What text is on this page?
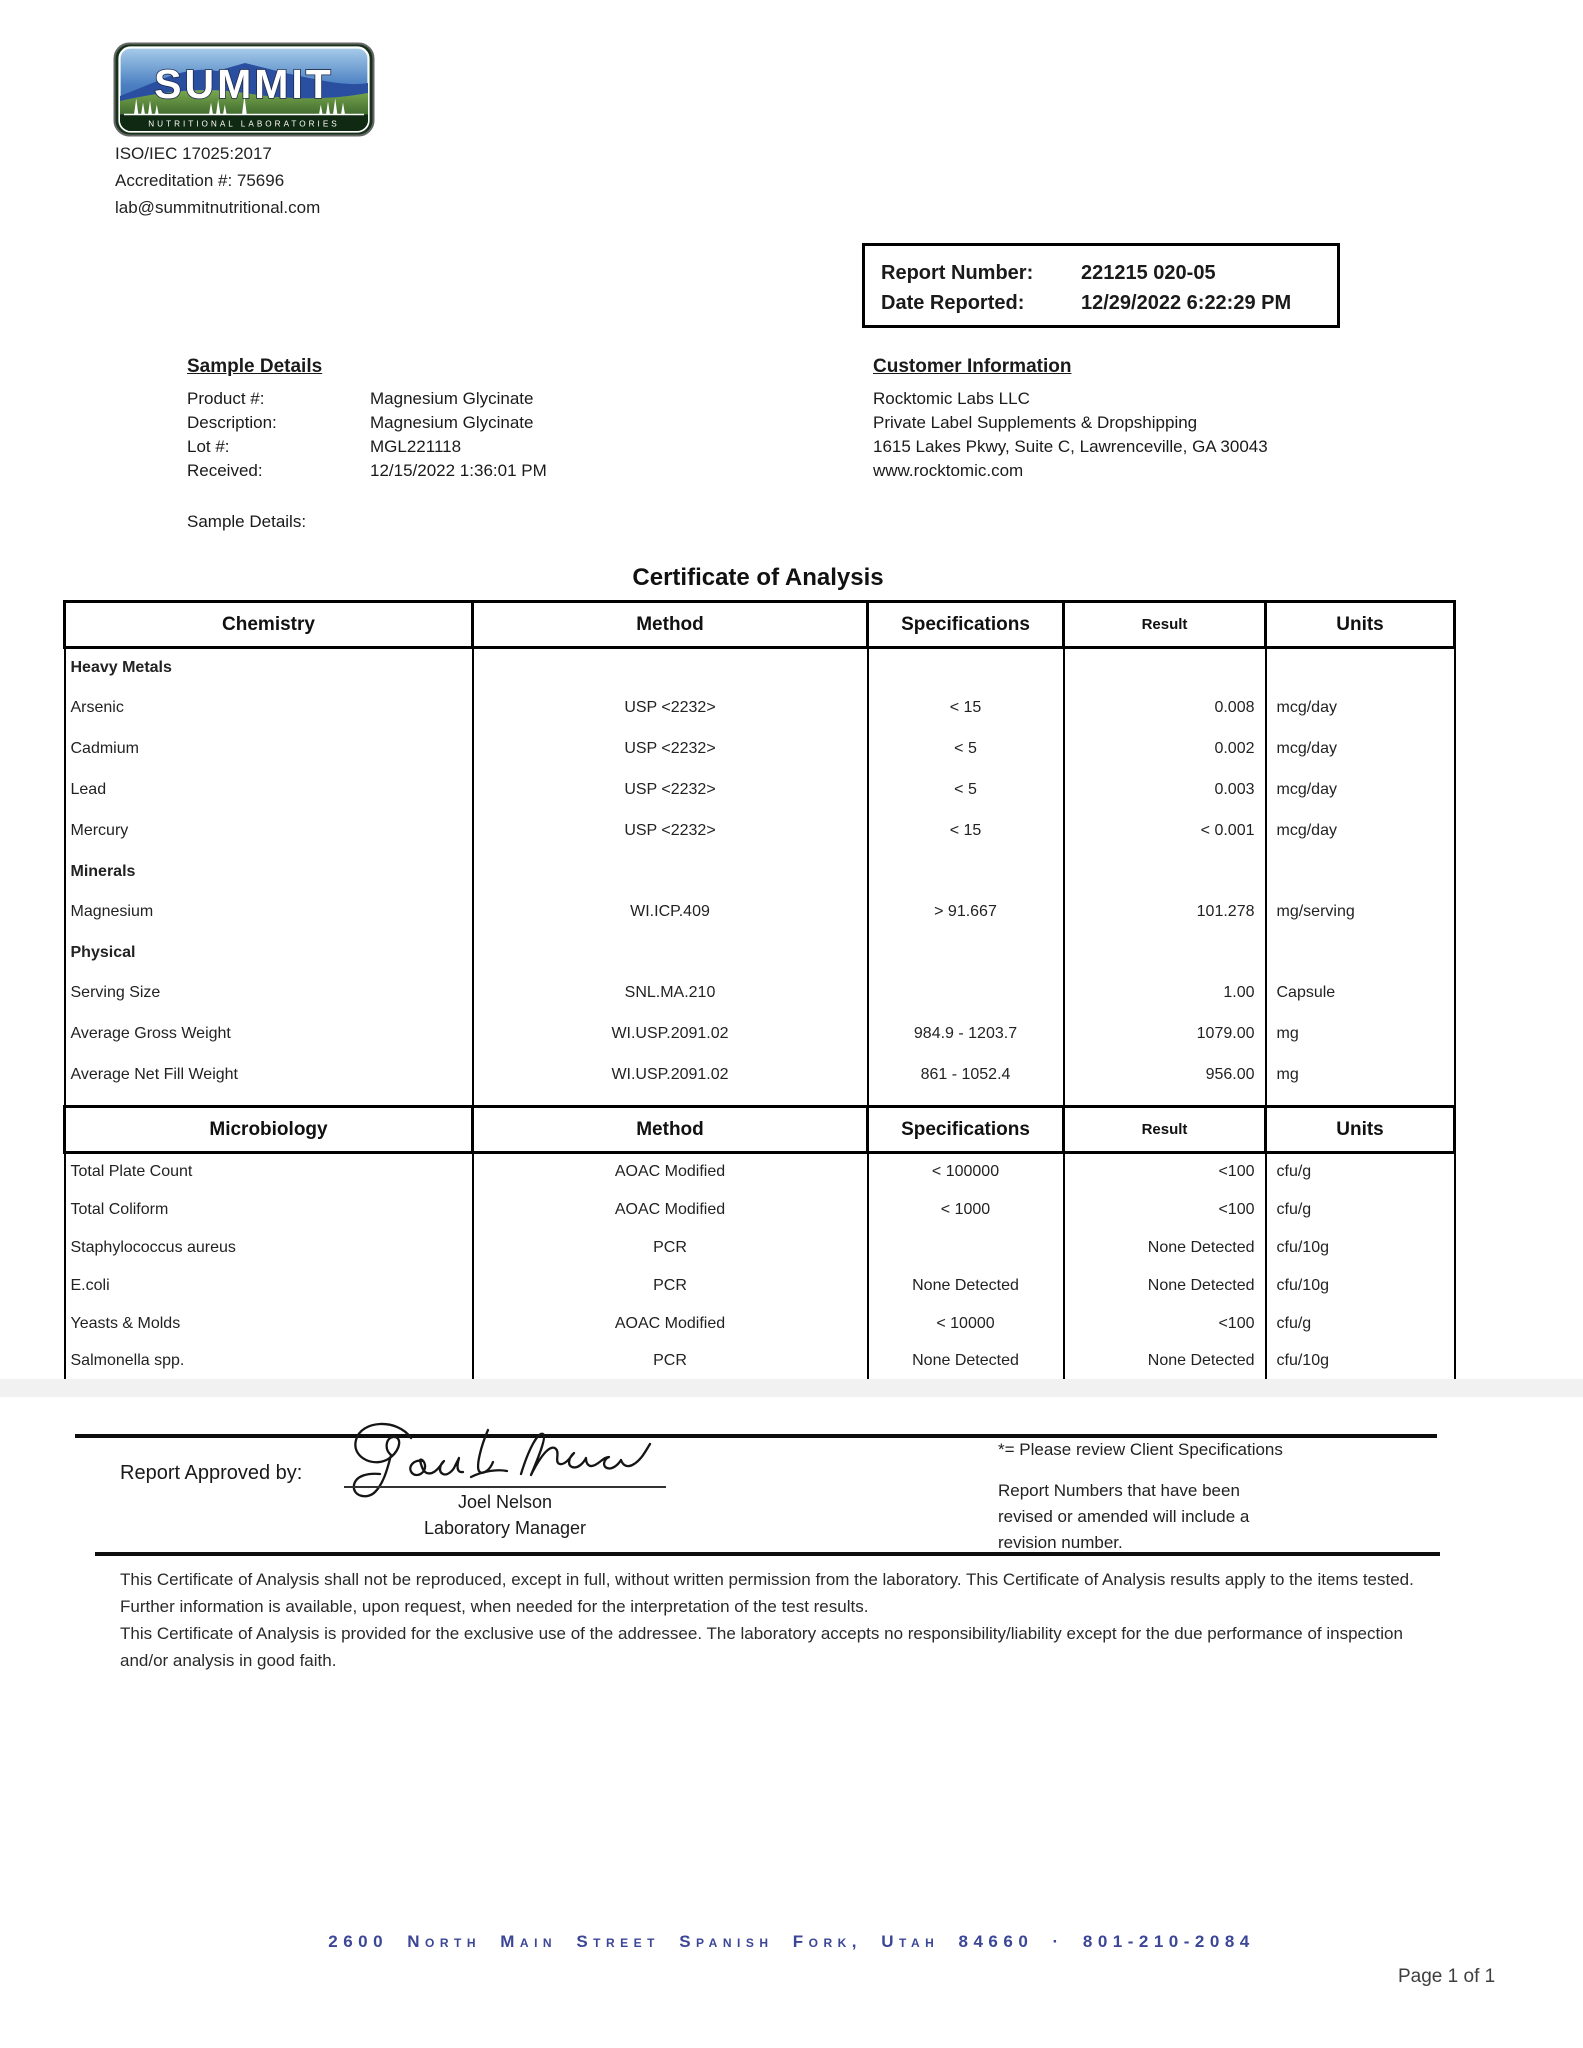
SUMMIT
NUTRITIONAL LABORATORIES
ISO/IEC 17025:2017
Accreditation #: 75696
lab@summitnutritional.com
Report Number:	221215 020-05
Date Reported:	12/29/2022 6:22:29 PM
Sample Details
Product #:	Magnesium Glycinate
Description:	Magnesium Glycinate
Lot #:	MGL221118
Received:	12/15/2022 1:36:01 PM
Sample Details:
Customer Information
Rocktomic Labs LLC
Private Label Supplements & Dropshipping
1615 Lakes Pkwy, Suite C, Lawrenceville, GA 30043
www.rocktomic.com
Certificate of Analysis
Chemistry	Method	Specifications	Result	Units
Heavy Metals				
Arsenic	USP <2232>	< 15	0.008	mcg/day
Cadmium	USP <2232>	< 5	0.002	mcg/day
Lead	USP <2232>	< 5	0.003	mcg/day
Mercury	USP <2232>	< 15	< 0.001	mcg/day
Minerals				
Magnesium	WI.ICP.409	> 91.667	101.278	mg/serving
Physical				
Serving Size	SNL.MA.210		1.00	Capsule
Average Gross Weight	WI.USP.2091.02	984.9 - 1203.7	1079.00	mg
Average Net Fill Weight	WI.USP.2091.02	861 - 1052.4	956.00	mg

Microbiology	Method	Specifications	Result	Units
Total Plate Count	AOAC Modified	< 100000	<100	cfu/g
Total Coliform	AOAC Modified	< 1000	<100	cfu/g
Staphylococcus aureus	PCR		None Detected	cfu/10g
E.coli	PCR	None Detected	None Detected	cfu/10g
Yeasts & Molds	AOAC Modified	< 10000	<100	cfu/g
Salmonella spp.	PCR	None Detected	None Detected	cfu/10g
Report Approved by:
Joel Nelson
Laboratory Manager
*= Please review Client Specifications
Report Numbers that have been revised or amended will include a revision number.

This Certificate of Analysis shall not be reproduced, except in full, without written permission from the laboratory. This Certificate of Analysis results apply to the items tested. Further information is available, upon request, when needed for the interpretation of the test results.

This Certificate of Analysis is provided for the exclusive use of the addressee. The laboratory accepts no responsibility/liability except for the due performance of inspection and/or analysis in good faith.

2600 North Main Street Spanish Fork, Utah 84660 · 801-210-2084
Page 1 of 1
